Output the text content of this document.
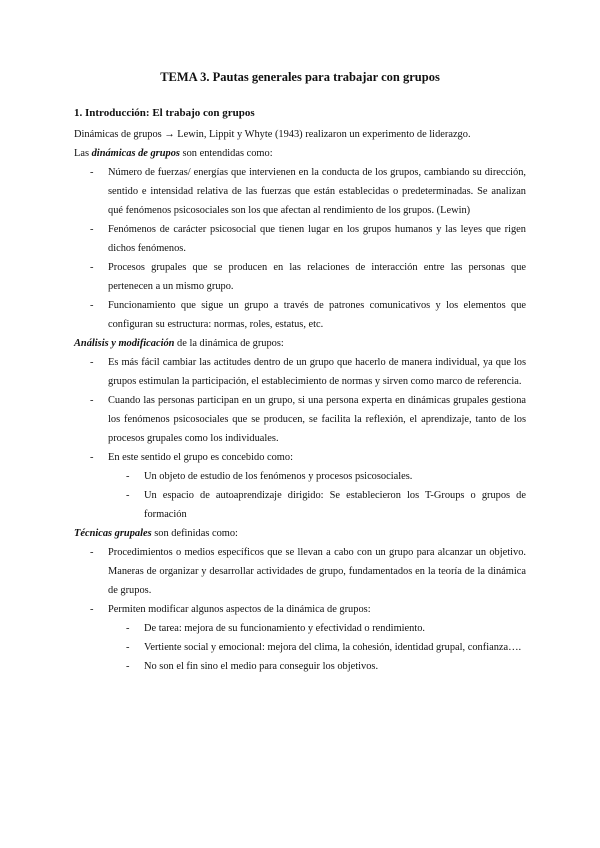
TEMA 3. Pautas generales para trabajar con grupos
1. Introducción: El trabajo con grupos

Dinámicas de grupos → Lewin, Lippit y Whyte (1943) realizaron un experimento de liderazgo.

Las dinámicas de grupos son entendidas como:

- Número de fuerzas/ energías que intervienen en la conducta de los grupos, cambiando su dirección, sentido e intensidad relativa de las fuerzas que están establecidas o predeterminadas. Se analizan qué fenómenos psicosociales son los que afectan al rendimiento de los grupos. (Lewin)
- Fenómenos de carácter psicosocial que tienen lugar en los grupos humanos y las leyes que rigen dichos fenómenos.
- Procesos grupales que se producen en las relaciones de interacción entre las personas que pertenecen a un mismo grupo.
- Funcionamiento que sigue un grupo a través de patrones comunicativos y los elementos que configuran su estructura: normas, roles, estatus, etc.

Análisis y modificación de la dinámica de grupos:

- Es más fácil cambiar las actitudes dentro de un grupo que hacerlo de manera individual, ya que los grupos estimulan la participación, el establecimiento de normas y sirven como marco de referencia.
- Cuando las personas participan en un grupo, si una persona experta en dinámicas grupales gestiona los fenómenos psicosociales que se producen, se facilita la reflexión, el aprendizaje, tanto de los procesos grupales como los individuales.
- En este sentido el grupo es concebido como:
- Un objeto de estudio de los fenómenos y procesos psicosociales.
- Un espacio de autoaprendizaje dirigido: Se establecieron los T-Groups o grupos de formación

Técnicas grupales son definidas como:

- Procedimientos o medios específicos que se llevan a cabo con un grupo para alcanzar un objetivo. Maneras de organizar y desarrollar actividades de grupo, fundamentados en la teoría de la dinámica de grupos.
- Permiten modificar algunos aspectos de la dinámica de grupos:
- De tarea: mejora de su funcionamiento y efectividad o rendimiento.
- Vertiente social y emocional: mejora del clima, la cohesión, identidad grupal, confianza….
- No son el fin sino el medio para conseguir los objetivos.
